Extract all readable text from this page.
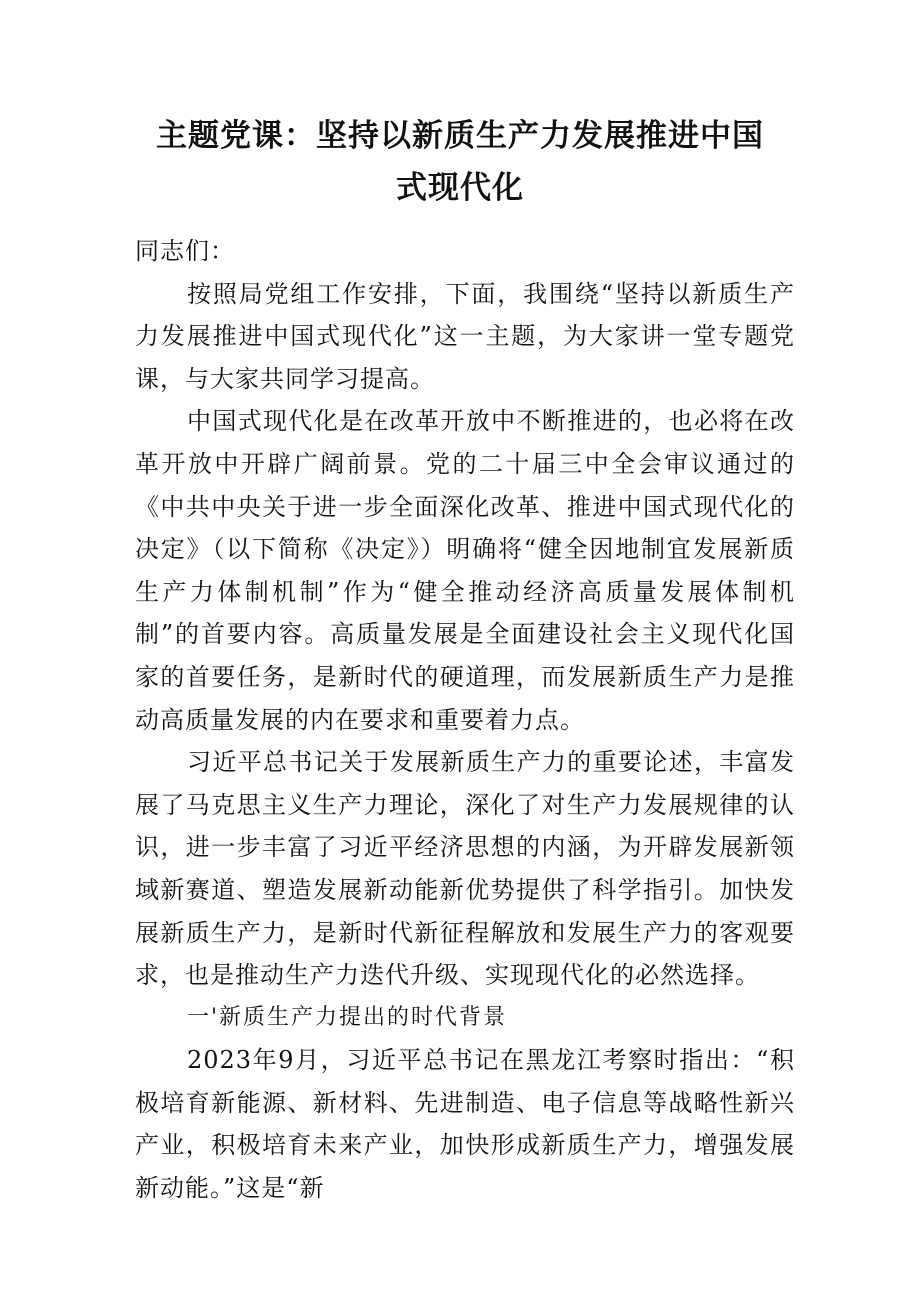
主题党课：坚持以新质生产力发展推进中国
式现代化

同志们：

按照局党组工作安排，下面，我围绕“坚持以新质生产力发展推进中国式现代化”这一主题，为大家讲一堂专题党课，与大家共同学习提高。

中国式现代化是在改革开放中不断推进的，也必将在改革开放中开辟广阔前景。党的二十届三中全会审议通过的《中共中央关于进一步全面深化改革、推进中国式现代化的决定》（以下简称《决定》）明确将“健全因地制宜发展新质生产力体制机制”作为“健全推动经济高质量发展体制机制”的首要内容。高质量发展是全面建设社会主义现代化国家的首要任务，是新时代的硬道理，而发展新质生产力是推动高质量发展的内在要求和重要着力点。

习近平总书记关于发展新质生产力的重要论述，丰富发展了马克思主义生产力理论，深化了对生产力发展规律的认识，进一步丰富了习近平经济思想的内涵，为开辟发展新领域新赛道、塑造发展新动能新优势提供了科学指引。加快发展新质生产力，是新时代新征程解放和发展生产力的客观要求，也是推动生产力迭代升级、实现现代化的必然选择。

一'新质生产力提出的时代背景

2023年9月，习近平总书记在黑龙江考察时指出：“积极培育新能源、新材料、先进制造、电子信息等战略性新兴产业，积极培育未来产业，加快形成新质生产力，增强发展新动能。”这是“新
